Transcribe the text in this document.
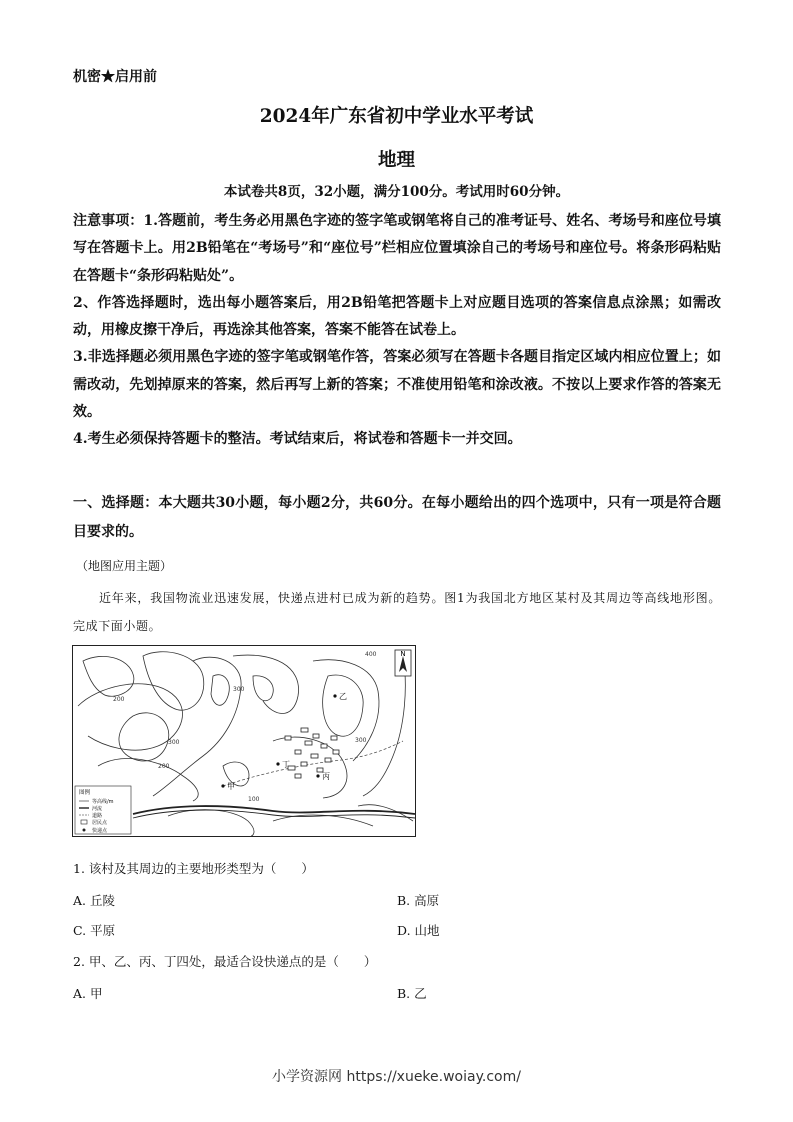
机密★启用前
2024年广东省初中学业水平考试
地理
本试卷共8页，32小题，满分100分。考试用时60分钟。

注意事项：1.答题前，考生务必用黑色字迹的签字笔或钢笔将自己的准考证号、姓名、考场号和座位号填写在答题卡上。用2B铅笔在“考场号”和“座位号”栏相应位置填涂自己的考场号和座位号。将条形码粘贴在答题卡“条形码粘贴处”。

2、作答选择题时，选出每小题答案后，用2B铅笔把答题卡上对应题目选项的答案信息点涂黑；如需改动，用橡皮擦干净后，再选涂其他答案，答案不能答在试卷上。

3.非选择题必须用黑色字迹的签字笔或钢笔作答，答案必须写在答题卡各题目指定区域内相应位置上；如需改动，先划掉原来的答案，然后再写上新的答案；不准使用铅笔和涂改液。不按以上要求作答的答案无效。

4.考生必须保持答题卡的整洁。考试结束后，将试卷和答题卡一并交回。

一、选择题：本大题共30小题，每小题2分，共60分。在每小题给出的四个选项中，只有一项是符合题目要求的。
（地图应用主题）
近年来，我国物流业迅速发展，快递点进村已成为新的趋势。图1为我国北方地区某村及其周边等高线地形图。完成下面小题。
N
甲
乙
丙
丁
400
300
300
200
100
200
300
图例
等高线/m
河流
道路
居民点
快递点
1. 该村及其周边的主要地形类型为（　　）
A. 丘陵	B. 高原
C. 平原	D. 山地
2. 甲、乙、丙、丁四处，最适合设快递点的是（　　）
A. 甲	B. 乙
小学资源网 https://xueke.woiay.com/
